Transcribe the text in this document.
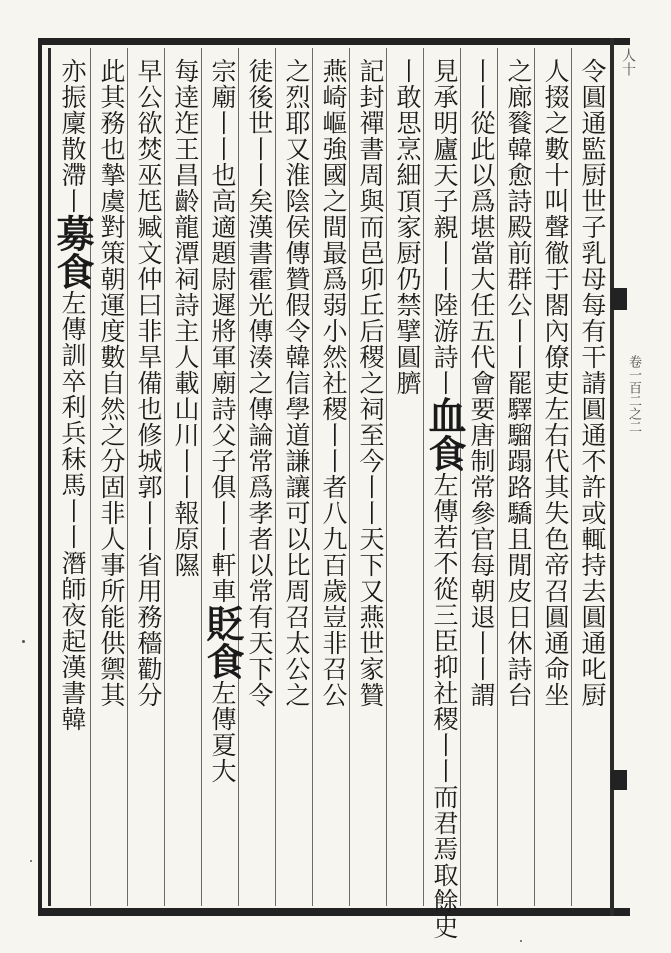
人十
卷一百二之二
令圓通監厨世子乳母每有干請圓通不許或輒持去圓通叱厨
人掇之數十叫聲徹于閤內僚吏左右代其失色帝召圓通命坐
之廊餮韓愈詩殿前群公丨丨罷驛騮蹋路驕且閒皮日休詩台
丨丨從此以爲堪當大任五代會要唐制常參官每朝退丨丨謂
見承明廬天子親丨丨陸游詩丨血食左傳若不從三臣抑社稷丨丨而君焉取餘史
丨敢思烹細頂家厨仍禁擘圓臍
記封禪書周與而邑卯丘后稷之祠至今丨丨天下又燕世家贊
燕崎嶇強國之間最爲弱小然社稷丨丨者八九百歲豈非召公
之烈耶又淮陰侯傳贊假令韓信學道謙讓可以比周召太公之
徒後世丨丨矣漢書霍光傳湊之傳論常爲孝者以常有天下令
宗廟丨丨也高適題尉遲將軍廟詩父子俱丨丨軒車貶食左傳夏大
每逹迮王昌齡龍潭祠詩主人載山川丨丨報原隰
早公欲焚巫尪臧文仲曰非旱備也修城郭丨丨省用務穡勸分
此其務也摯虞對策朝運度數自然之分固非人事所能供禦其
亦振廩散滯丨募食左傳訓卒利兵秣馬丨丨潛師夜起漢書韓
